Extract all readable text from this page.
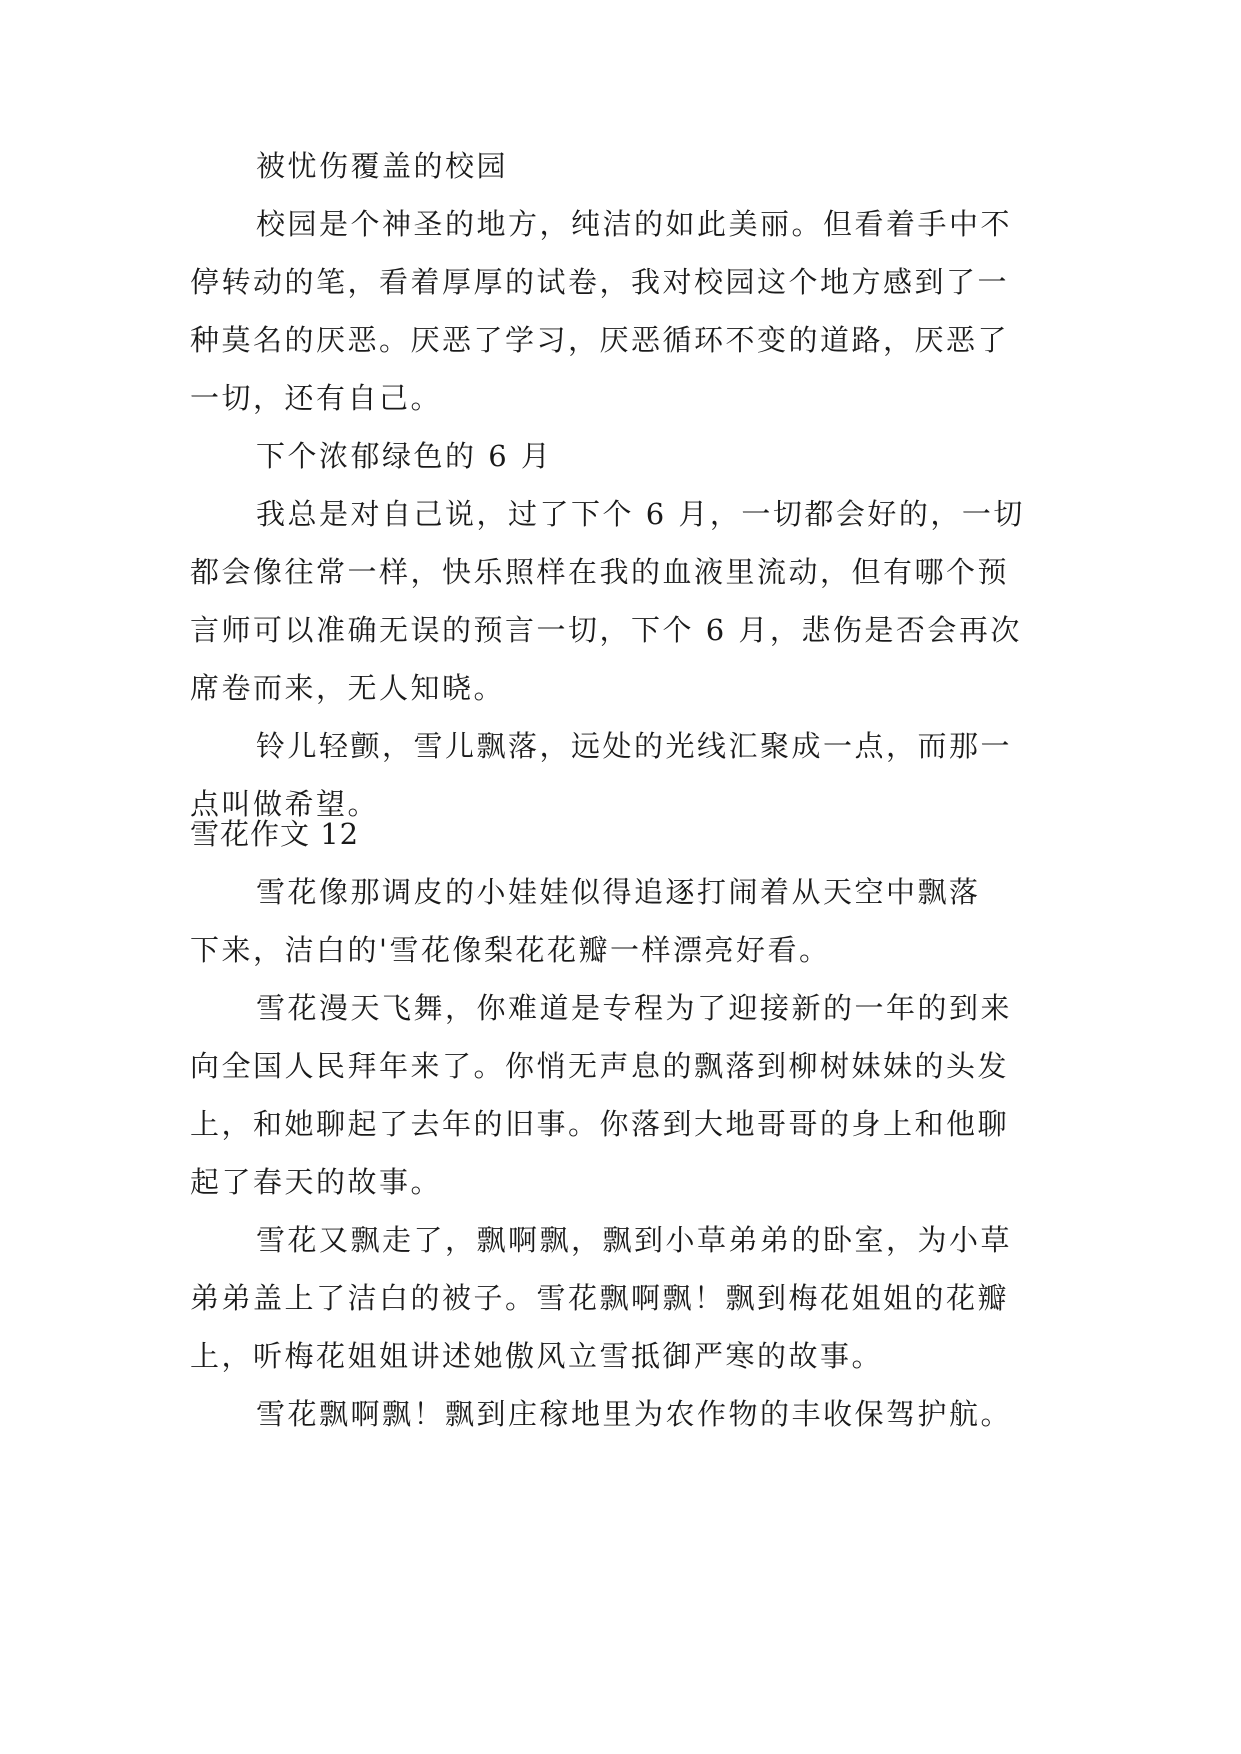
被忧伤覆盖的校园
校园是个神圣的地方，纯洁的如此美丽。但看着手中不
停转动的笔，看着厚厚的试卷，我对校园这个地方感到了一
种莫名的厌恶。厌恶了学习，厌恶循环不变的道路，厌恶了
一切，还有自己。
下个浓郁绿色的 6 月
我总是对自己说，过了下个 6 月，一切都会好的，一切
都会像往常一样，快乐照样在我的血液里流动，但有哪个预
言师可以准确无误的预言一切，下个 6 月，悲伤是否会再次
席卷而来，无人知晓。
铃儿轻颤，雪儿飘落，远处的光线汇聚成一点，而那一
点叫做希望。
雪花作文 12
雪花像那调皮的小娃娃似得追逐打闹着从天空中飘落
下来，洁白的'雪花像梨花花瓣一样漂亮好看。
雪花漫天飞舞，你难道是专程为了迎接新的一年的到来
向全国人民拜年来了。你悄无声息的飘落到柳树妹妹的头发
上，和她聊起了去年的旧事。你落到大地哥哥的身上和他聊
起了春天的故事。
雪花又飘走了，飘啊飘，飘到小草弟弟的卧室，为小草
弟弟盖上了洁白的被子。雪花飘啊飘！飘到梅花姐姐的花瓣
上，听梅花姐姐讲述她傲风立雪抵御严寒的故事。
雪花飘啊飘！飘到庄稼地里为农作物的丰收保驾护航。
